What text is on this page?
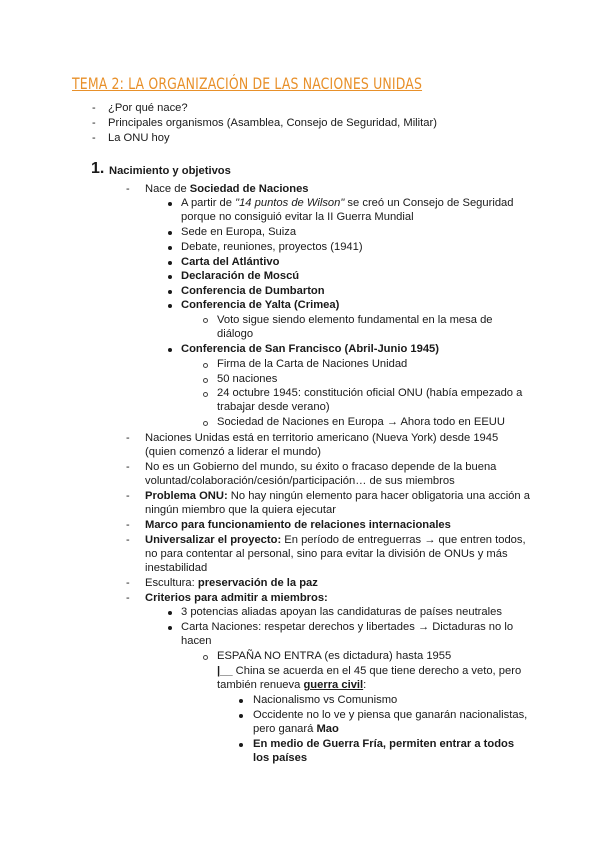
TEMA 2: LA ORGANIZACIÓN DE LAS NACIONES UNIDAS
- ¿Por qué nace?
- Principales organismos (Asamblea, Consejo de Seguridad, Militar)
- La ONU hoy
1. Nacimiento y objetivos
- Nace de Sociedad de Naciones
A partir de "14 puntos de Wilson" se creó un Consejo de Seguridad
porque no consiguió evitar la II Guerra Mundial
Sede en Europa, Suiza
Debate, reuniones, proyectos (1941)
Carta del Atlántivo
Declaración de Moscú
Conferencia de Dumbarton
Conferencia de Yalta (Crimea)
Voto sigue siendo elemento fundamental en la mesa de
diálogo
Conferencia de San Francisco (Abril-Junio 1945)
Firma de la Carta de Naciones Unidad
50 naciones
24 octubre 1945: constitución oficial ONU (había empezado a
trabajar desde verano)
Sociedad de Naciones en Europa → Ahora todo en EEUU
- Naciones Unidas está en territorio americano (Nueva York) desde 1945
(quien comenzó a liderar el mundo)
- No es un Gobierno del mundo, su éxito o fracaso depende de la buena
voluntad/colaboración/cesión/participación… de sus miembros
- Problema ONU: No hay ningún elemento para hacer obligatoria una acción a
ningún miembro que la quiera ejecutar
- Marco para funcionamiento de relaciones internacionales
- Universalizar el proyecto: En período de entreguerras → que entren todos,
no para contentar al personal, sino para evitar la división de ONUs y más
inestabilidad
- Escultura: preservación de la paz
- Criterios para admitir a miembros:
3 potencias aliadas apoyan las candidaturas de países neutrales
Carta Naciones: respetar derechos y libertades → Dictaduras no lo
hacen
ESPAÑA NO ENTRA (es dictadura) hasta 1955
|__ China se acuerda en el 45 que tiene derecho a veto, pero
también renueva guerra civil:
Nacionalismo vs Comunismo
Occidente no lo ve y piensa que ganarán nacionalistas,
pero ganará Mao
En medio de Guerra Fría, permiten entrar a todos
los países
